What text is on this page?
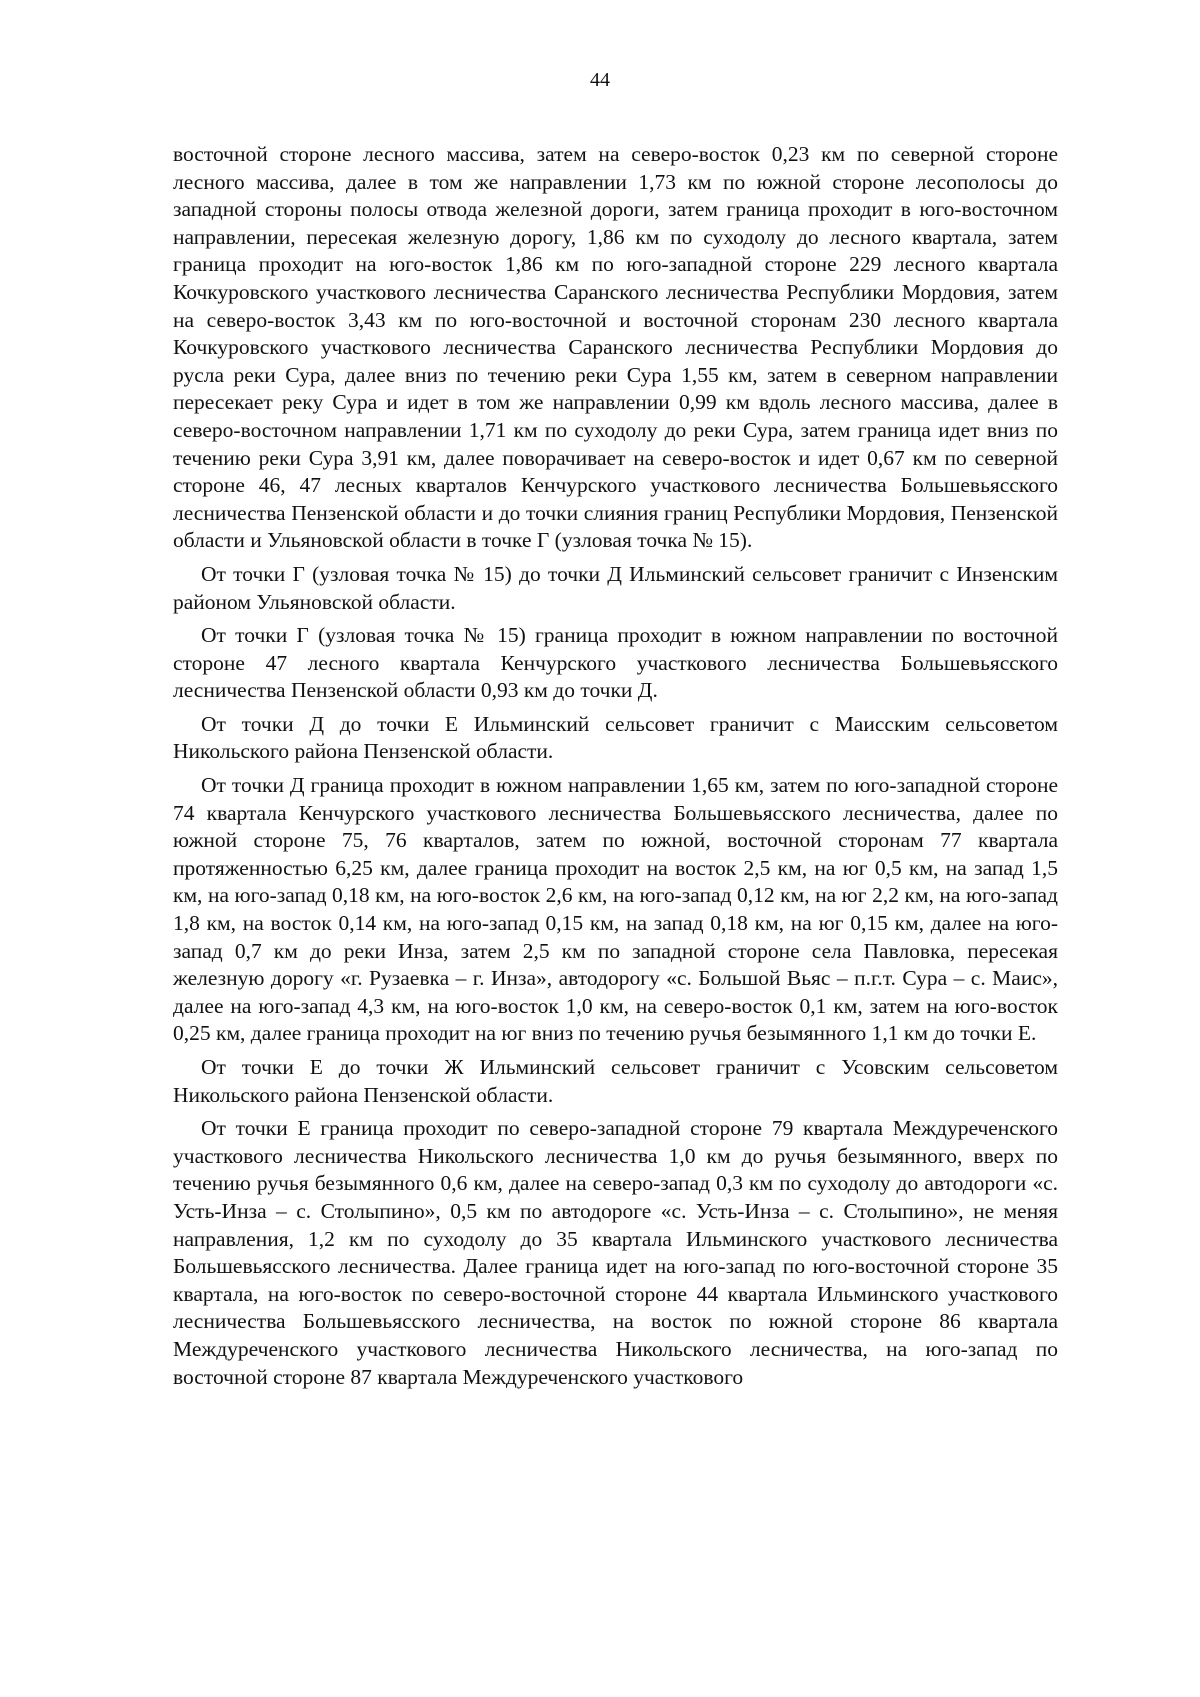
44

восточной стороне лесного массива, затем на северо-восток 0,23 км по северной стороне лесного массива, далее в том же направлении 1,73 км по южной стороне лесополосы до западной стороны полосы отвода железной дороги, затем граница проходит в юго-восточном направлении, пересекая железную дорогу, 1,86 км по суходолу до лесного квартала, затем граница проходит на юго-восток 1,86 км по юго-западной стороне 229 лесного квартала Кочкуровского участкового лесничества Саранского лесничества Республики Мордовия, затем на северо-восток 3,43 км по юго-восточной и восточной сторонам 230 лесного квартала Кочкуровского участкового лесничества Саранского лесничества Республики Мордовия до русла реки Сура, далее вниз по течению реки Сура 1,55 км, затем в северном направлении пересекает реку Сура и идет в том же направлении 0,99 км вдоль лесного массива, далее в северо-восточном направлении 1,71 км по суходолу до реки Сура, затем граница идет вниз по течению реки Сура 3,91 км, далее поворачивает на северо-восток и идет 0,67 км по северной стороне 46, 47 лесных кварталов Кенчурского участкового лесничества Большевьясского лесничества Пензенской области и до точки слияния границ Республики Мордовия, Пензенской области и Ульяновской области в точке Г (узловая точка № 15).

От точки Г (узловая точка № 15) до точки Д Ильминский сельсовет граничит с Инзенским районом Ульяновской области.

От точки Г (узловая точка № 15) граница проходит в южном направлении по восточной стороне 47 лесного квартала Кенчурского участкового лесничества Большевьясского лесничества Пензенской области 0,93 км до точки Д.

От точки Д до точки Е Ильминский сельсовет граничит с Маисским сельсоветом Никольского района Пензенской области.

От точки Д граница проходит в южном направлении 1,65 км, затем по юго-западной стороне 74 квартала Кенчурского участкового лесничества Большевьясского лесничества, далее по южной стороне 75, 76 кварталов, затем по южной, восточной сторонам 77 квартала протяженностью 6,25 км, далее граница проходит на восток 2,5 км, на юг 0,5 км, на запад 1,5 км, на юго-запад 0,18 км, на юго-восток 2,6 км, на юго-запад 0,12 км, на юг 2,2 км, на юго-запад 1,8 км, на восток 0,14 км, на юго-запад 0,15 км, на запад 0,18 км, на юг 0,15 км, далее на юго-запад 0,7 км до реки Инза, затем 2,5 км по западной стороне села Павловка, пересекая железную дорогу «г. Рузаевка – г. Инза», автодорогу «с. Большой Вьяс – п.г.т. Сура – с. Маис», далее на юго-запад 4,3 км, на юго-восток 1,0 км, на северо-восток 0,1 км, затем на юго-восток 0,25 км, далее граница проходит на юг вниз по течению ручья безымянного 1,1 км до точки Е.

От точки Е до точки Ж Ильминский сельсовет граничит с Усовским сельсоветом Никольского района Пензенской области.

От точки Е граница проходит по северо-западной стороне 79 квартала Междуреченского участкового лесничества Никольского лесничества 1,0 км до ручья безымянного, вверх по течению ручья безымянного 0,6 км, далее на северо-запад 0,3 км по суходолу до автодороги «с. Усть-Инза – с. Столыпино», 0,5 км по автодороге «с. Усть-Инза – с. Столыпино», не меняя направления, 1,2 км по суходолу до 35 квартала Ильминского участкового лесничества Большевьясского лесничества. Далее граница идет на юго-запад по юго-восточной стороне 35 квартала, на юго-восток по северо-восточной стороне 44 квартала Ильминского участкового лесничества Большевьясского лесничества, на восток по южной стороне 86 квартала Междуреченского участкового лесничества Никольского лесничества, на юго-запад по восточной стороне 87 квартала Междуреченского участкового
